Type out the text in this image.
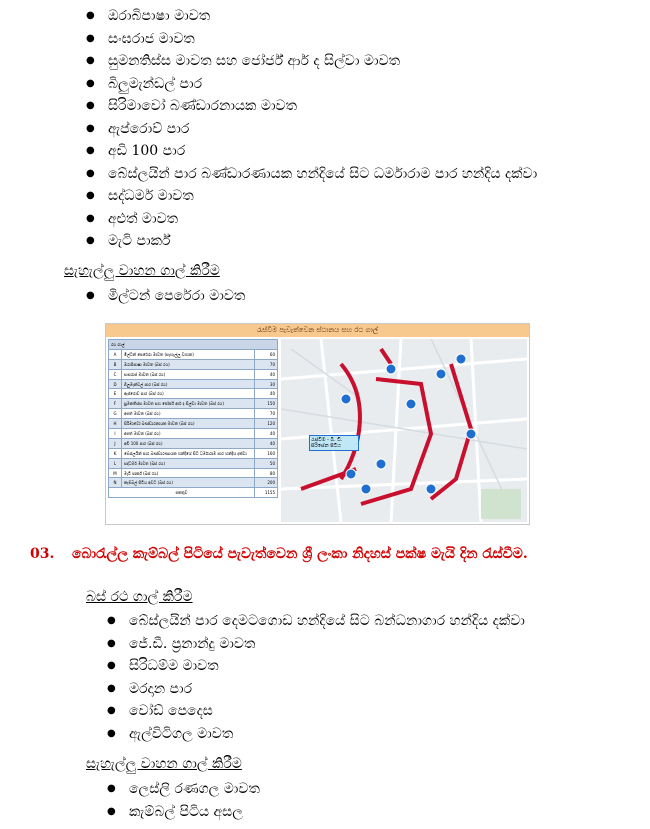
● ඔරාබිපාෂා මාවත
● සංඝරාජ මාවත
● සුමනතිස්ස මාවත සහ ජෝර්ජ් ආර් ද සිල්වා මාවත
● බිලුමැන්ඩල් පාර
● සිරිමාවෝ බණ්ඩාරනායක මාවත
● ඇප්රොව් පාර
● අඩි 100 පාර
● බේස්ලයින් පාර බණ්ඩාරණායක හන්දියේ සිට ධර්මාරාම පාර හන්දිය දක්වා
● සද්ධර්ම මාවත
● අළුත් මාවත
● මැටි පාර්ක්
සැහැල්ලු වාහන ගාල් කිරීම
● මිල්ටන් පෙරේරා මාවත
රැස්වීම පැවැත්වෙන ස්ථානය සහ රථ ගාල්
රථ ගාල්		
A	මිල්ටන් පෙරේරා මාවත (සැහැල්ලු වාහන)	60
B	ඔරාබිපාෂා මාවත (බස් රථ)	70
C	සංඝරාජ මාවත (බස් රථ)	40
D	බිලුමැන්ඩල් පාර (බස් රථ)	30
E	ඇප්රොව් පාර (බස් රථ)	40
F	සුමනතිස්ස මාවත සහ ජෝර්ජ් ආර් ද සිල්වා මාවත (බස් රථ)	150
G	අළුත් මාවත (බස් රථ)	70
H	සිරිමාවෝ බණ්ඩාරනායක මාවත (බස් රථ)	120
I	අළුත් මාවත (බස් රථ)	40
J	අඩි 100 පාර (බස් රථ)	40
K	බේස්ලයින් පාර බණ්ඩාරණායක හන්දියේ සිට ධර්මාරාම පාර හන්දිය දක්වා	160
L	සද්ධර්ම මාවත (බස් රථ)	50
M	මැටි පාර්ක් (බස් රථ)	80
N	කැම්බල් පිටිය අවට (බස් රථ)	200
එකතුව		1155
රැස්වීම - බී. ඩී. සිරිසේන පිටිය
03. බොරැල්ල කැම්බල් පිටියේ පැවැත්වෙන ශ්‍රී ලංකා නිදහස් පක්ෂ මැයි දින රැස්වීම.
බස් රථ ගාල් කිරීම
● බේස්ලයින් පාර දෙමටගොඩ හන්දියේ සිට බන්ධනාගාර හන්දිය දක්වා
● ජේ.ඩී. ප්‍රනාන්දු මාවත
● සිරිධම්ම මාවත
● මරදාන පාර
● වෝඩ් පෙදෙස
● ඇල්විටිගල මාවත
සැහැල්ලු වාහන ගාල් කිරීම
● ලෙස්ලි රණගල මාවත
● කැම්බල් පිටිය අසල
